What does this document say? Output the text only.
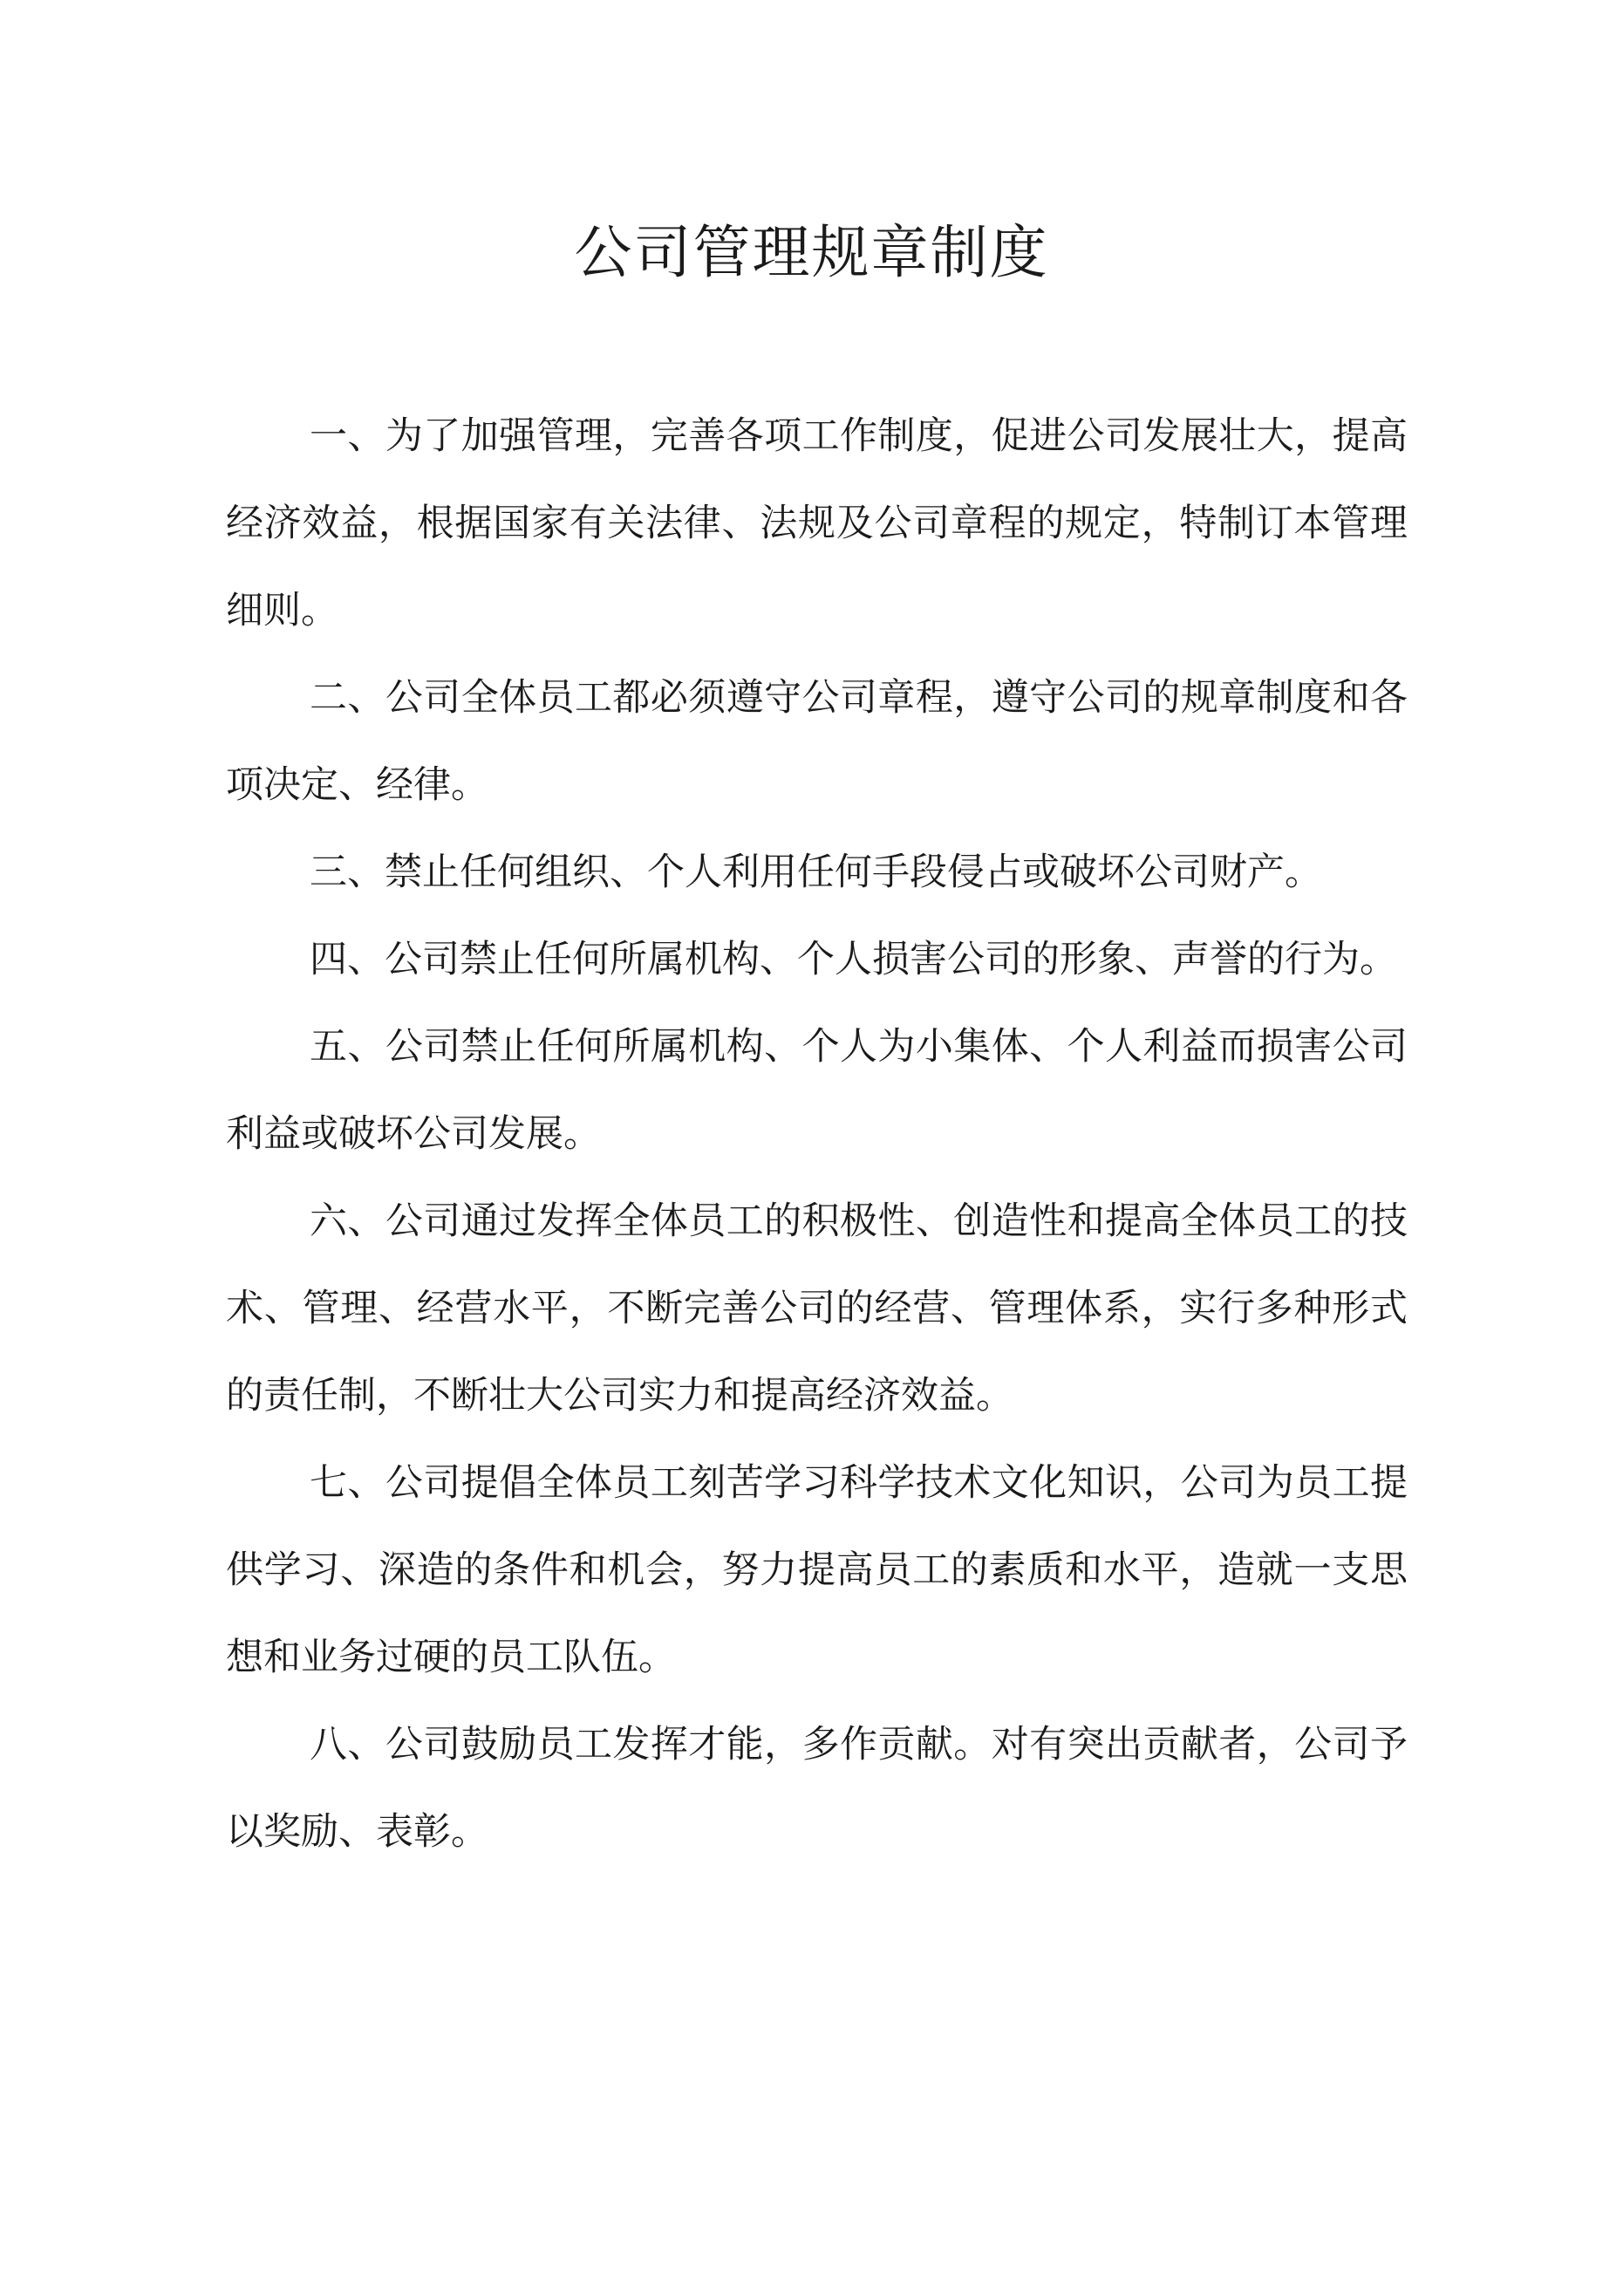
公司管理规章制度

一、为了加强管理，完善各项工作制度，促进公司发展壮大，提高经济效益，根据国家有关法律、法规及公司章程的规定，特制订本管理细则。

二、公司全体员工都必须遵守公司章程，遵守公司的规章制度和各项决定、经律。

三、禁止任何组织、个人利用任何手段侵占或破坏公司财产。

四、公司禁止任何所属机构、个人损害公司的形象、声誉的行为。

五、公司禁止任何所属机构、个人为小集体、个人利益而损害公司利益或破坏公司发展。

六、公司通过发挥全体员工的积极性、创造性和提高全体员工的技术、管理、经营水平，不断完善公司的经营、管理体系，实行多种形式的责任制，不断壮大公司实力和提高经济效益。

七、公司提倡全体员工刻苦学习科学技术文化知识，公司为员工提供学习、深造的条件和机会，努力提高员工的素质和水平，造就一支思想和业务过硬的员工队伍。

八、公司鼓励员工发挥才能，多作贡献。对有突出贡献者，公司予以奖励、表彰。
